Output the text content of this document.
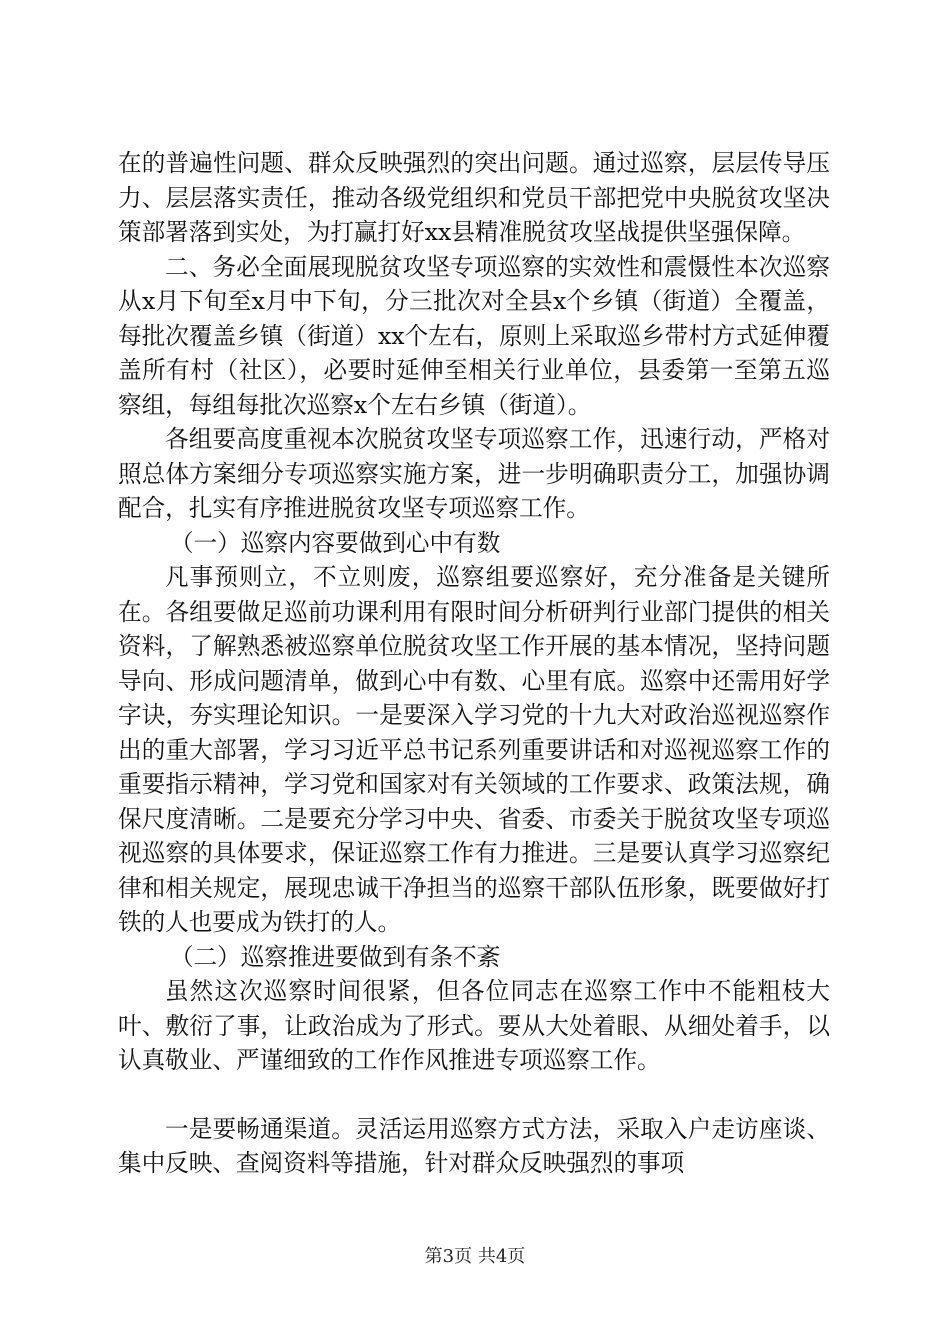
在的普遍性问题、群众反映强烈的突出问题。通过巡察，层层传导压力、层层落实责任，推动各级党组织和党员干部把党中央脱贫攻坚决策部署落到实处，为打赢打好xx县精准脱贫攻坚战提供坚强保障。

二、务必全面展现脱贫攻坚专项巡察的实效性和震慑性本次巡察从x月下旬至x月中下旬，分三批次对全县x个乡镇（街道）全覆盖，每批次覆盖乡镇（街道）xx个左右，原则上采取巡乡带村方式延伸覆盖所有村（社区），必要时延伸至相关行业单位，县委第一至第五巡察组，每组每批次巡察x个左右乡镇（街道）。

各组要高度重视本次脱贫攻坚专项巡察工作，迅速行动，严格对照总体方案细分专项巡察实施方案，进一步明确职责分工，加强协调配合，扎实有序推进脱贫攻坚专项巡察工作。

（一）巡察内容要做到心中有数

凡事预则立，不立则废，巡察组要巡察好，充分准备是关键所在。各组要做足巡前功课利用有限时间分析研判行业部门提供的相关资料，了解熟悉被巡察单位脱贫攻坚工作开展的基本情况，坚持问题导向、形成问题清单，做到心中有数、心里有底。巡察中还需用好学字诀，夯实理论知识。一是要深入学习党的十九大对政治巡视巡察作出的重大部署，学习习近平总书记系列重要讲话和对巡视巡察工作的重要指示精神，学习党和国家对有关领域的工作要求、政策法规，确保尺度清晰。二是要充分学习中央、省委、市委关于脱贫攻坚专项巡视巡察的具体要求，保证巡察工作有力推进。三是要认真学习巡察纪律和相关规定，展现忠诚干净担当的巡察干部队伍形象，既要做好打铁的人也要成为铁打的人。

（二）巡察推进要做到有条不紊

虽然这次巡察时间很紧，但各位同志在巡察工作中不能粗枝大叶、敷衍了事，让政治成为了形式。要从大处着眼、从细处着手，以认真敬业、严谨细致的工作作风推进专项巡察工作。

一是要畅通渠道。灵活运用巡察方式方法，采取入户走访座谈、集中反映、查阅资料等措施，针对群众反映强烈的事项

第3页 共4页
